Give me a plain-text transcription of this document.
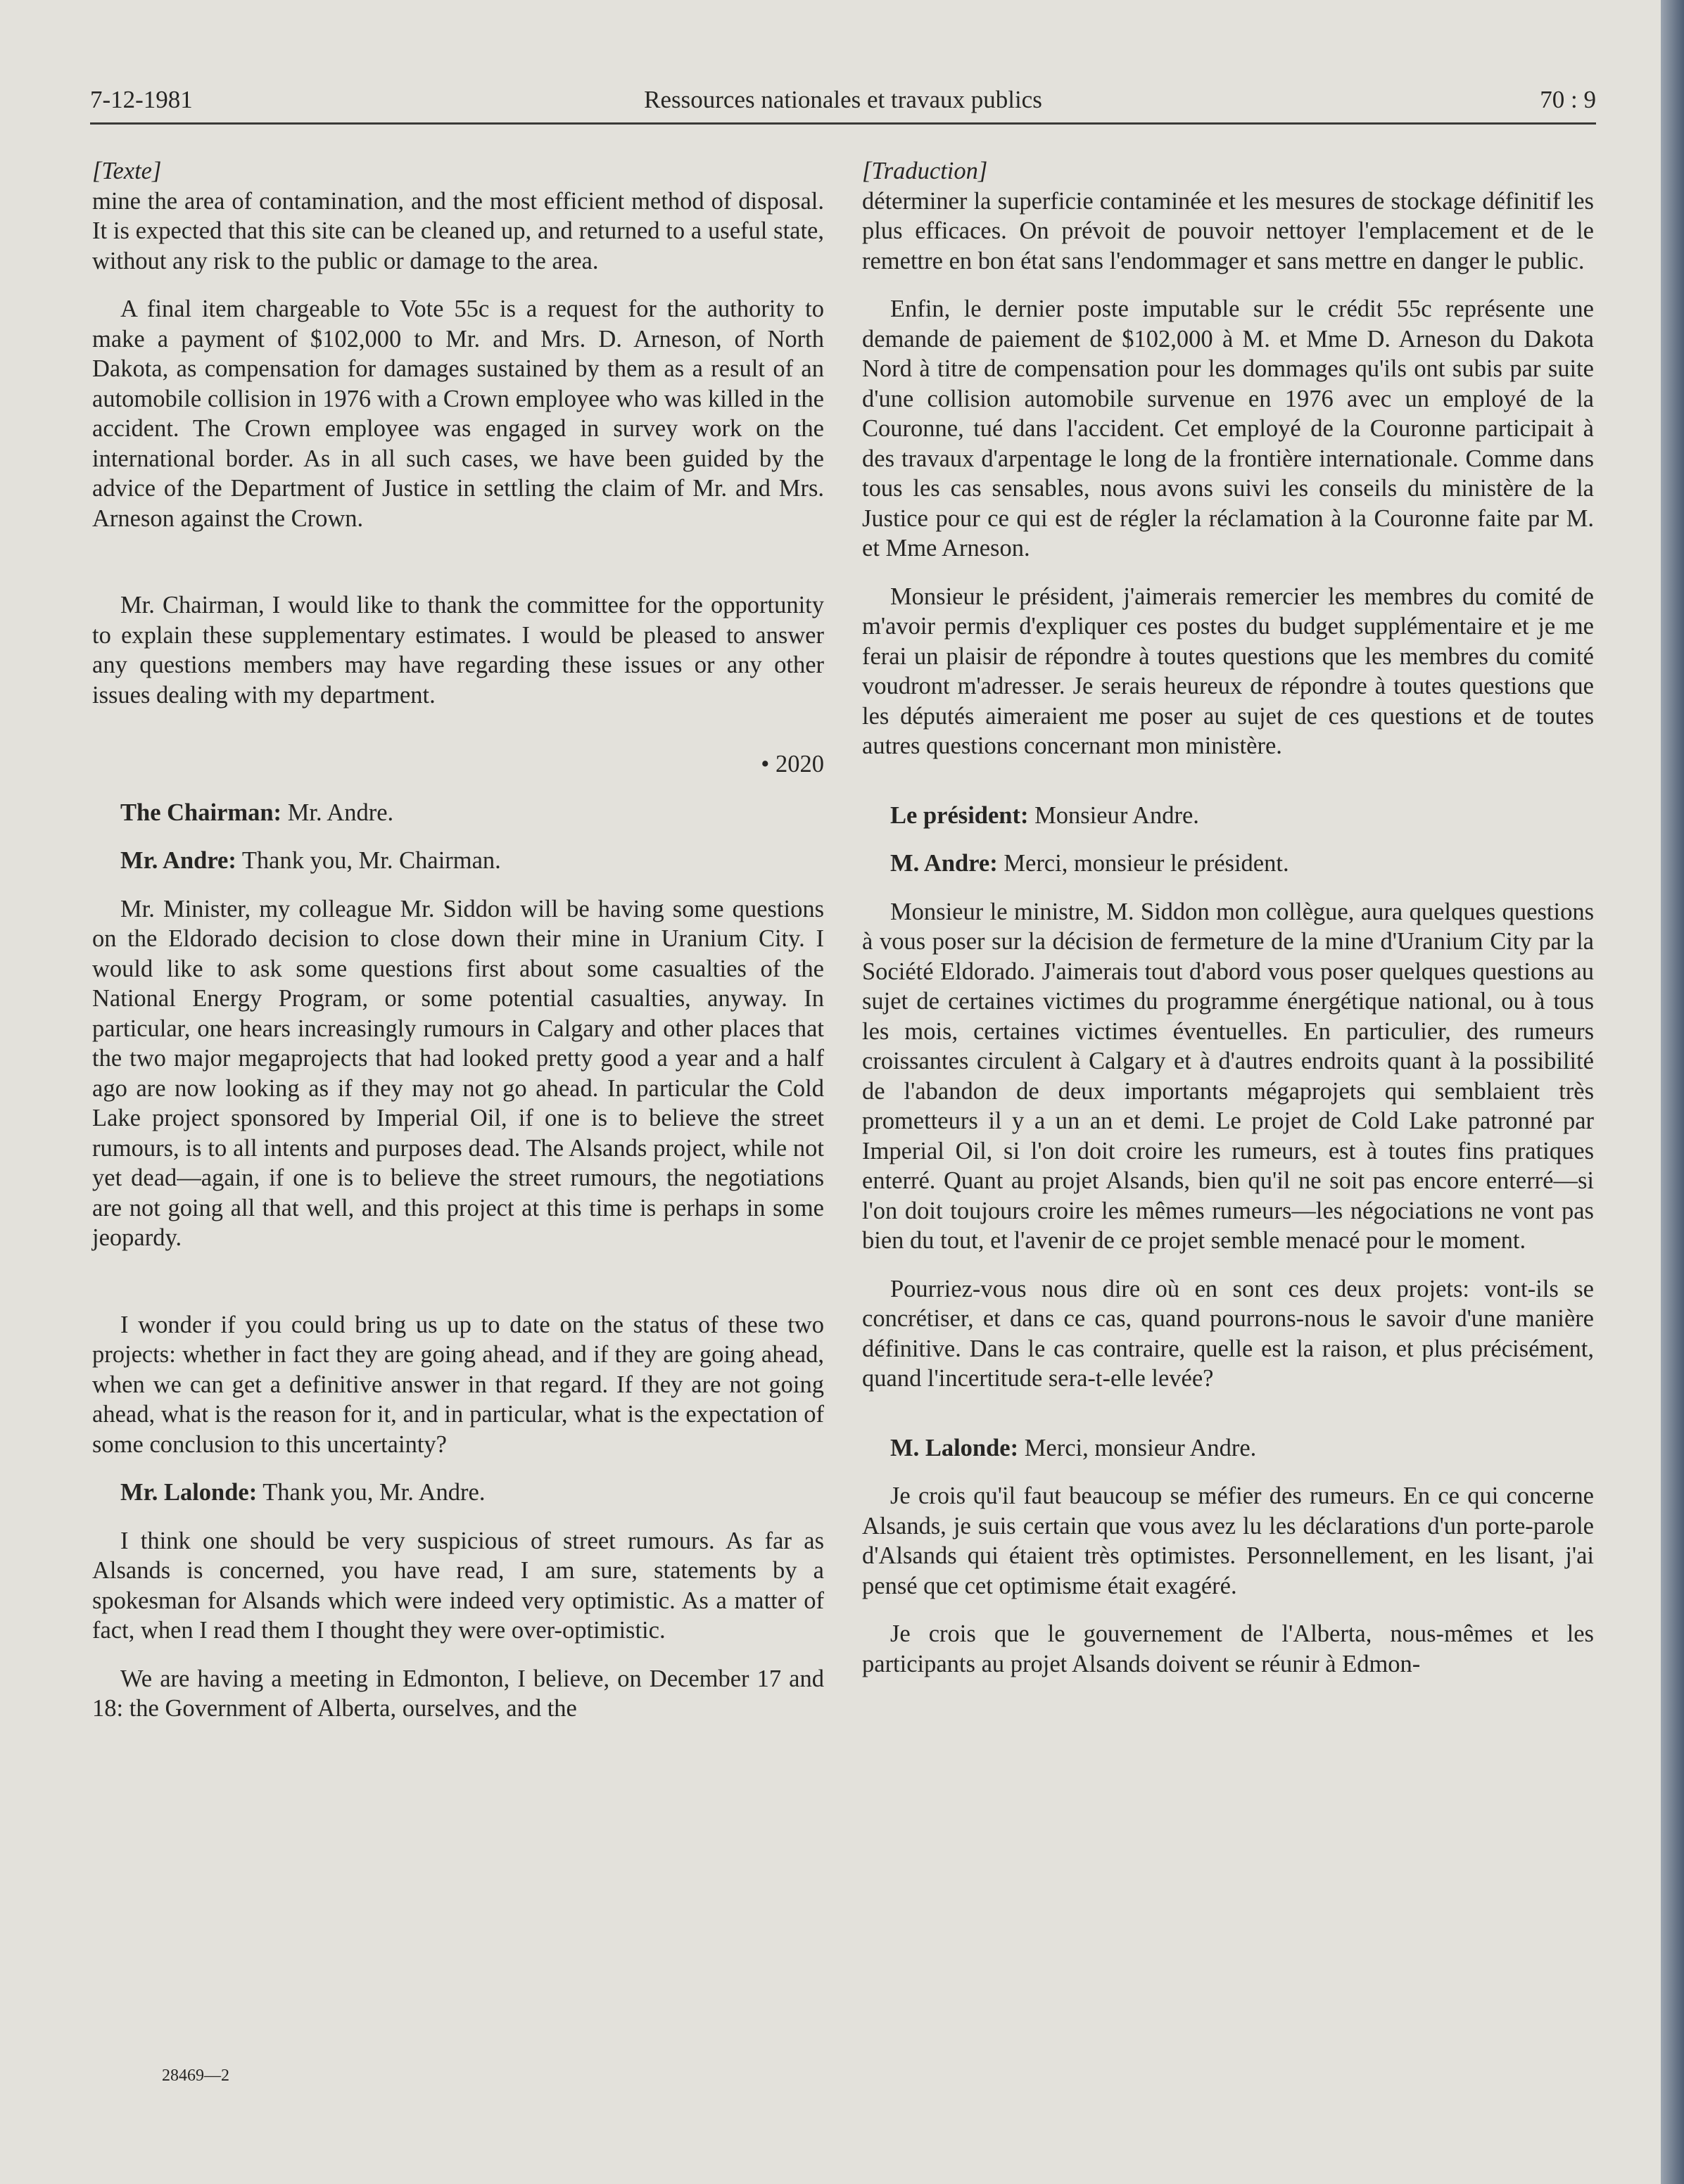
7-12-1981	Ressources nationales et travaux publics	70 : 9

[Texte]

mine the area of contamination, and the most efficient method of disposal. It is expected that this site can be cleaned up, and returned to a useful state, without any risk to the public or damage to the area.

A final item chargeable to Vote 55c is a request for the authority to make a payment of $102,000 to Mr. and Mrs. D. Arneson, of North Dakota, as compensation for damages sustained by them as a result of an automobile collision in 1976 with a Crown employee who was killed in the accident. The Crown employee was engaged in survey work on the international border. As in all such cases, we have been guided by the advice of the Department of Justice in settling the claim of Mr. and Mrs. Arneson against the Crown.

Mr. Chairman, I would like to thank the committee for the opportunity to explain these supplementary estimates. I would be pleased to answer any questions members may have regarding these issues or any other issues dealing with my department.

• 2020

The Chairman: Mr. Andre.

Mr. Andre: Thank you, Mr. Chairman.

Mr. Minister, my colleague Mr. Siddon will be having some questions on the Eldorado decision to close down their mine in Uranium City. I would like to ask some questions first about some casualties of the National Energy Program, or some potential casualties, anyway. In particular, one hears increasingly rumours in Calgary and other places that the two major megaprojects that had looked pretty good a year and a half ago are now looking as if they may not go ahead. In particular the Cold Lake project sponsored by Imperial Oil, if one is to believe the street rumours, is to all intents and purposes dead. The Alsands project, while not yet dead—again, if one is to believe the street rumours, the negotiations are not going all that well, and this project at this time is perhaps in some jeopardy.

I wonder if you could bring us up to date on the status of these two projects: whether in fact they are going ahead, and if they are going ahead, when we can get a definitive answer in that regard. If they are not going ahead, what is the reason for it, and in particular, what is the expectation of some conclusion to this uncertainty?

Mr. Lalonde: Thank you, Mr. Andre.

I think one should be very suspicious of street rumours. As far as Alsands is concerned, you have read, I am sure, statements by a spokesman for Alsands which were indeed very optimistic. As a matter of fact, when I read them I thought they were over-optimistic.

We are having a meeting in Edmonton, I believe, on December 17 and 18: the Government of Alberta, ourselves, and the

[Traduction]

déterminer la superficie contaminée et les mesures de stockage définitif les plus efficaces. On prévoit de pouvoir nettoyer l'emplacement et de le remettre en bon état sans l'endommager et sans mettre en danger le public.

Enfin, le dernier poste imputable sur le crédit 55c représente une demande de paiement de $102,000 à M. et Mme D. Arneson du Dakota Nord à titre de compensation pour les dommages qu'ils ont subis par suite d'une collision automobile survenue en 1976 avec un employé de la Couronne, tué dans l'accident. Cet employé de la Couronne participait à des travaux d'arpentage le long de la frontière internationale. Comme dans tous les cas sensables, nous avons suivi les conseils du ministère de la Justice pour ce qui est de régler la réclamation à la Couronne faite par M. et Mme Arneson.

Monsieur le président, j'aimerais remercier les membres du comité de m'avoir permis d'expliquer ces postes du budget supplémentaire et je me ferai un plaisir de répondre à toutes questions que les membres du comité voudront m'adresser. Je serais heureux de répondre à toutes questions que les députés aimeraient me poser au sujet de ces questions et de toutes autres questions concernant mon ministère.

Le président: Monsieur Andre.

M. Andre: Merci, monsieur le président.

Monsieur le ministre, M. Siddon mon collègue, aura quelques questions à vous poser sur la décision de fermeture de la mine d'Uranium City par la Société Eldorado. J'aimerais tout d'abord vous poser quelques questions au sujet de certaines victimes du programme énergétique national, ou à tous les mois, certaines victimes éventuelles. En particulier, des rumeurs croissantes circulent à Calgary et à d'autres endroits quant à la possibilité de l'abandon de deux importants mégaprojets qui semblaient très prometteurs il y a un an et demi. Le projet de Cold Lake patronné par Imperial Oil, si l'on doit croire les rumeurs, est à toutes fins pratiques enterré. Quant au projet Alsands, bien qu'il ne soit pas encore enterré—si l'on doit toujours croire les mêmes rumeurs—les négociations ne vont pas bien du tout, et l'avenir de ce projet semble menacé pour le moment.

Pourriez-vous nous dire où en sont ces deux projets: vont-ils se concrétiser, et dans ce cas, quand pourrons-nous le savoir d'une manière définitive. Dans le cas contraire, quelle est la raison, et plus précisément, quand l'incertitude sera-t-elle levée?

M. Lalonde: Merci, monsieur Andre.

Je crois qu'il faut beaucoup se méfier des rumeurs. En ce qui concerne Alsands, je suis certain que vous avez lu les déclarations d'un porte-parole d'Alsands qui étaient très optimistes. Personnellement, en les lisant, j'ai pensé que cet optimisme était exagéré.

Je crois que le gouvernement de l'Alberta, nous-mêmes et les participants au projet Alsands doivent se réunir à Edmon-

28469—2
